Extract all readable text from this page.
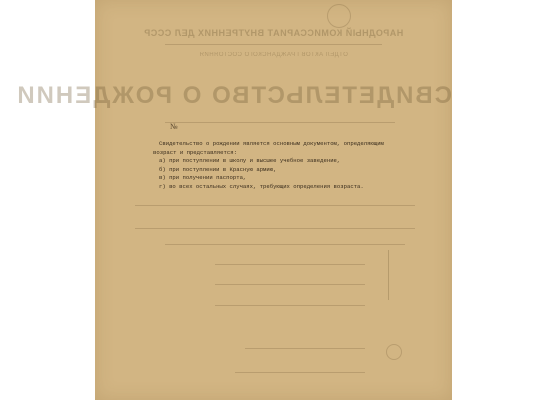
НАРОДНЫЙ КОМИССАРИАТ ВНУТРЕННИХ ДЕЛ СССР
ОТДЕЛ АКТОВ ГРАЖДАНСКОГО СОСТОЯНИЯ
СВИДЕТЕЛЬСТВО О РОЖДЕНИИ
№
Свидетельство о рождении является основным документом, определяющим возраст и представляется:
а) при поступлении в школу и высшее учебное заведение,
б) при поступлении в Красную армию,
в) при получении паспорта,
г) во всех остальных случаях, требующих определения возраста.
